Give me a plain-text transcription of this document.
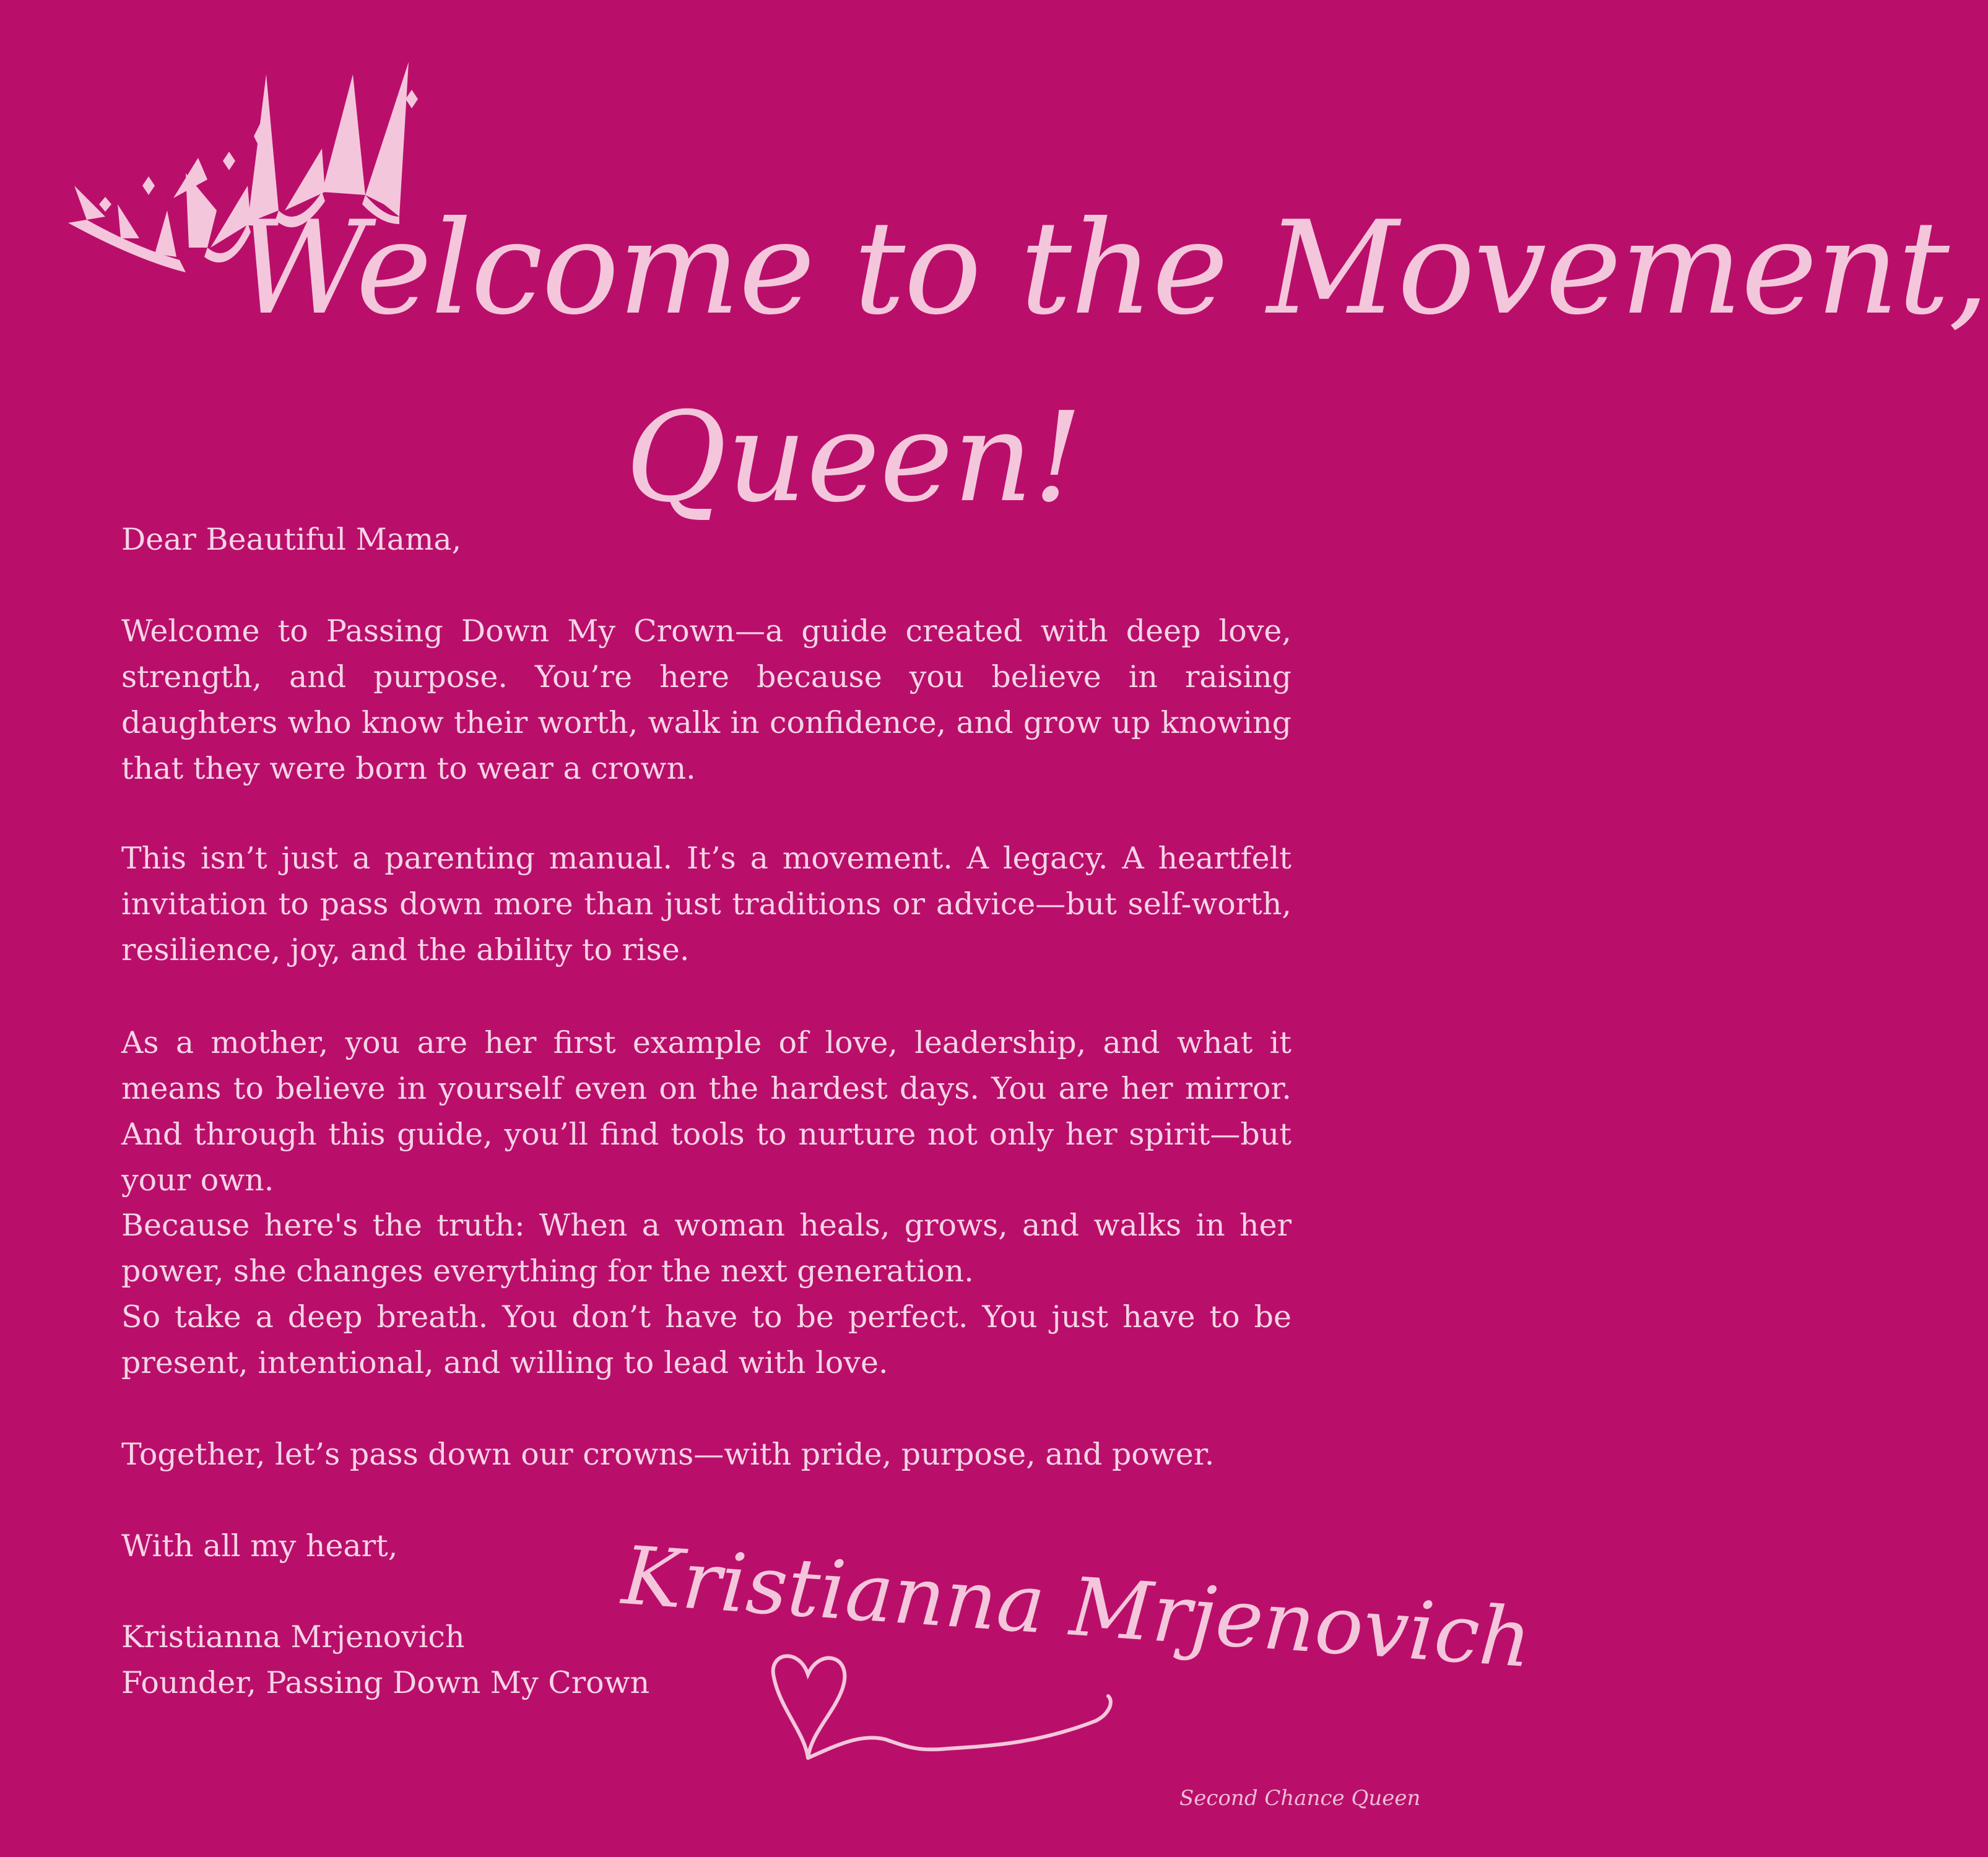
Welcome to the Movement,
Queen!
Dear Beautiful Mama,
Welcome to Passing Down My Crown—a guide created with deep love, strength, and purpose. You’re here because you believe in raising daughters who know their worth, walk in confidence, and grow up knowing that they were born to wear a crown.
This isn’t just a parenting manual. It’s a movement. A legacy. A heartfelt invitation to pass down more than just traditions or advice—but self-worth, resilience, joy, and the ability to rise.
As a mother, you are her first example of love, leadership, and what it means to believe in yourself even on the hardest days. You are her mirror. And through this guide, you’ll find tools to nurture not only her spirit—but your own.
Because here's the truth: When a woman heals, grows, and walks in her power, she changes everything for the next generation.
So take a deep breath. You don’t have to be perfect. You just have to be present, intentional, and willing to lead with love.
Together, let’s pass down our crowns—with pride, purpose, and power.
With all my heart,
Kristianna Mrjenovich
Founder, Passing Down My Crown
Kristianna Mrjenovich
Second Chance Queen
